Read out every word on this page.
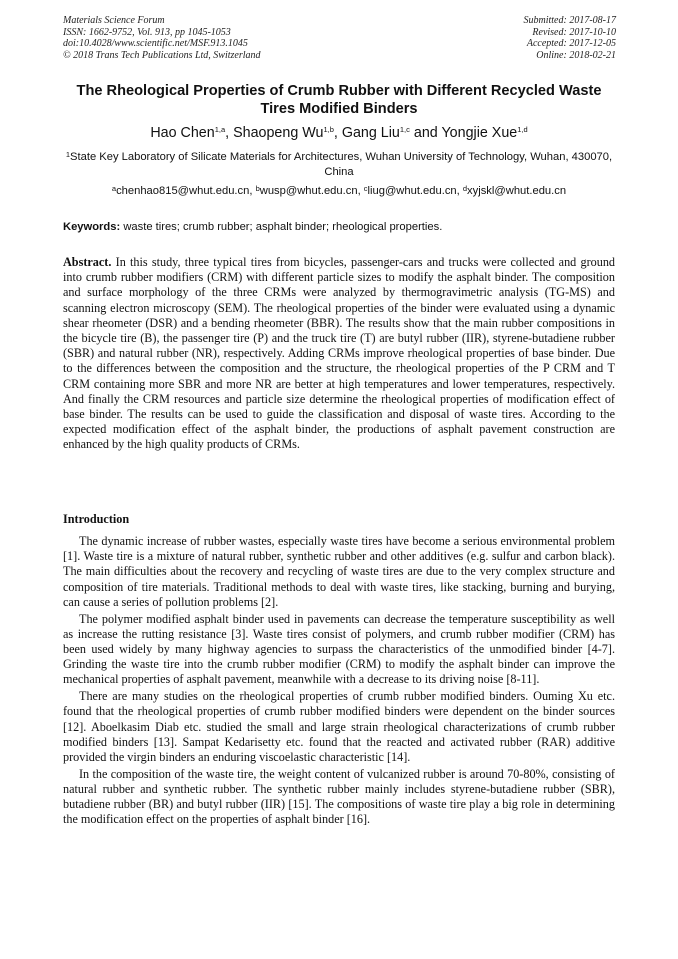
Materials Science Forum
ISSN: 1662-9752, Vol. 913, pp 1045-1053
doi:10.4028/www.scientific.net/MSF.913.1045
© 2018 Trans Tech Publications Ltd, Switzerland
Submitted: 2017-08-17
Revised: 2017-10-10
Accepted: 2017-12-05
Online: 2018-02-21
The Rheological Properties of Crumb Rubber with Different Recycled Waste Tires Modified Binders
Hao Chen$^{1,a}$, Shaopeng Wu$^{1,b}$, Gang Liu$^{1,c}$ and Yongjie Xue$^{1,d}$
$^1$State Key Laboratory of Silicate Materials for Architectures, Wuhan University of Technology, Wuhan, 430070, China
$^a$chenhao815@whut.edu.cn, $^b$wusp@whut.edu.cn, $^c$liug@whut.edu.cn, $^d$xyjskl@whut.edu.cn
Keywords: waste tires; crumb rubber; asphalt binder; rheological properties.

Abstract. In this study, three typical tires from bicycles, passenger-cars and trucks were collected and ground into crumb rubber modifiers (CRM) with different particle sizes to modify the asphalt binder. The composition and surface morphology of the three CRMs were analyzed by thermogravimetric analysis (TG-MS) and scanning electron microscopy (SEM). The rheological properties of the binder were evaluated using a dynamic shear rheometer (DSR) and a bending rheometer (BBR). The results show that the main rubber compositions in the bicycle tire (B), the passenger tire (P) and the truck tire (T) are butyl rubber (IIR), styrene-butadiene rubber (SBR) and natural rubber (NR), respectively. Adding CRMs improve rheological properties of base binder. Due to the differences between the composition and the structure, the rheological properties of the P CRM and T CRM containing more SBR and more NR are better at high temperatures and lower temperatures, respectively. And finally the CRM resources and particle size determine the rheological properties of modification effect of base binder. The results can be used to guide the classification and disposal of waste tires. According to the expected modification effect of the asphalt binder, the productions of asphalt pavement construction are enhanced by the high quality products of CRMs.

Introduction

The dynamic increase of rubber wastes, especially waste tires have become a serious environmental problem [1]. Waste tire is a mixture of natural rubber, synthetic rubber and other additives (e.g. sulfur and carbon black). The main difficulties about the recovery and recycling of waste tires are due to the very complex structure and composition of tire materials. Traditional methods to deal with waste tires, like stacking, burning and burying, can cause a series of pollution problems [2].

The polymer modified asphalt binder used in pavements can decrease the temperature susceptibility as well as increase the rutting resistance [3]. Waste tires consist of polymers, and crumb rubber modifier (CRM) has been used widely by many highway agencies to surpass the characteristics of the unmodified binder [4-7]. Grinding the waste tire into the crumb rubber modifier (CRM) to modify the asphalt binder can improve the mechanical properties of asphalt pavement, meanwhile with a decrease to its driving noise [8-11].

There are many studies on the rheological properties of crumb rubber modified binders. Ouming Xu etc. found that the rheological properties of crumb rubber modified binders were dependent on the binder sources [12]. Aboelkasim Diab etc. studied the small and large strain rheological characterizations of crumb rubber modified binders [13]. Sampat Kedarisetty etc. found that the reacted and activated rubber (RAR) additive provided the virgin binders an enduring viscoelastic characteristic [14].

In the composition of the waste tire, the weight content of vulcanized rubber is around 70-80%, consisting of natural rubber and synthetic rubber. The synthetic rubber mainly includes styrene-butadiene rubber (SBR), butadiene rubber (BR) and butyl rubber (IIR) [15]. The compositions of waste tire play a big role in determining the modification effect on the properties of asphalt binder [16].
